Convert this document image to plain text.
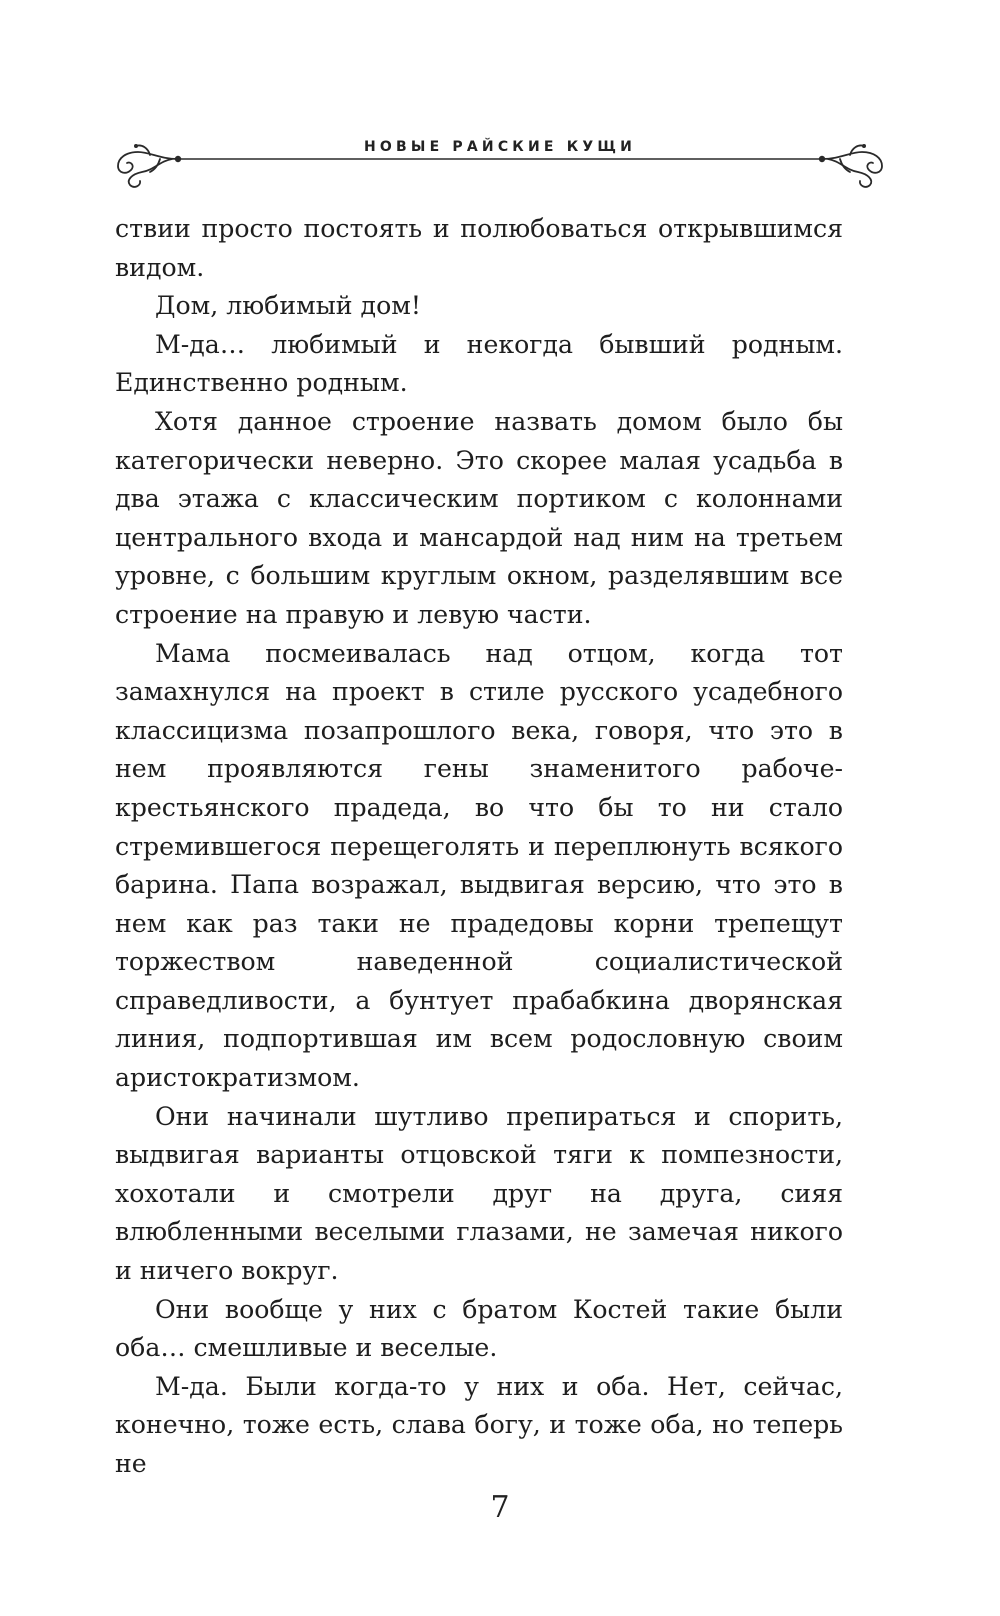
НОВЫЕ РАЙСКИЕ КУЩИ

ствии просто постоять и полюбоваться открывшимся видом.

Дом, любимый дом!

М-да… любимый и некогда бывший родным. Единственно родным.

Хотя данное строение назвать домом было бы категорически неверно. Это скорее малая усадьба в два этажа с классическим портиком с колоннами центрального входа и мансардой над ним на третьем уровне, с большим круглым окном, разделявшим все строение на правую и левую части.

Мама посмеивалась над отцом, когда тот замахнулся на проект в стиле русского усадебного классицизма позапрошлого века, говоря, что это в нем проявляются гены знаменитого рабоче-крестьянского прадеда, во что бы то ни стало стремившегося перещеголять и переплюнуть всякого барина. Папа возражал, выдвигая версию, что это в нем как раз таки не прадедовы корни трепещут торжеством наведенной социалистической справедливости, а бунтует прабабкина дворянская линия, подпортившая им всем родословную своим аристократизмом.

Они начинали шутливо препираться и спорить, выдвигая варианты отцовской тяги к помпезности, хохотали и смотрели друг на друга, сияя влюбленными веселыми глазами, не замечая никого и ничего вокруг.

Они вообще у них с братом Костей такие были оба… смешливые и веселые.

М-да. Были когда-то у них и оба. Нет, сейчас, конечно, тоже есть, слава богу, и тоже оба, но теперь не

7
